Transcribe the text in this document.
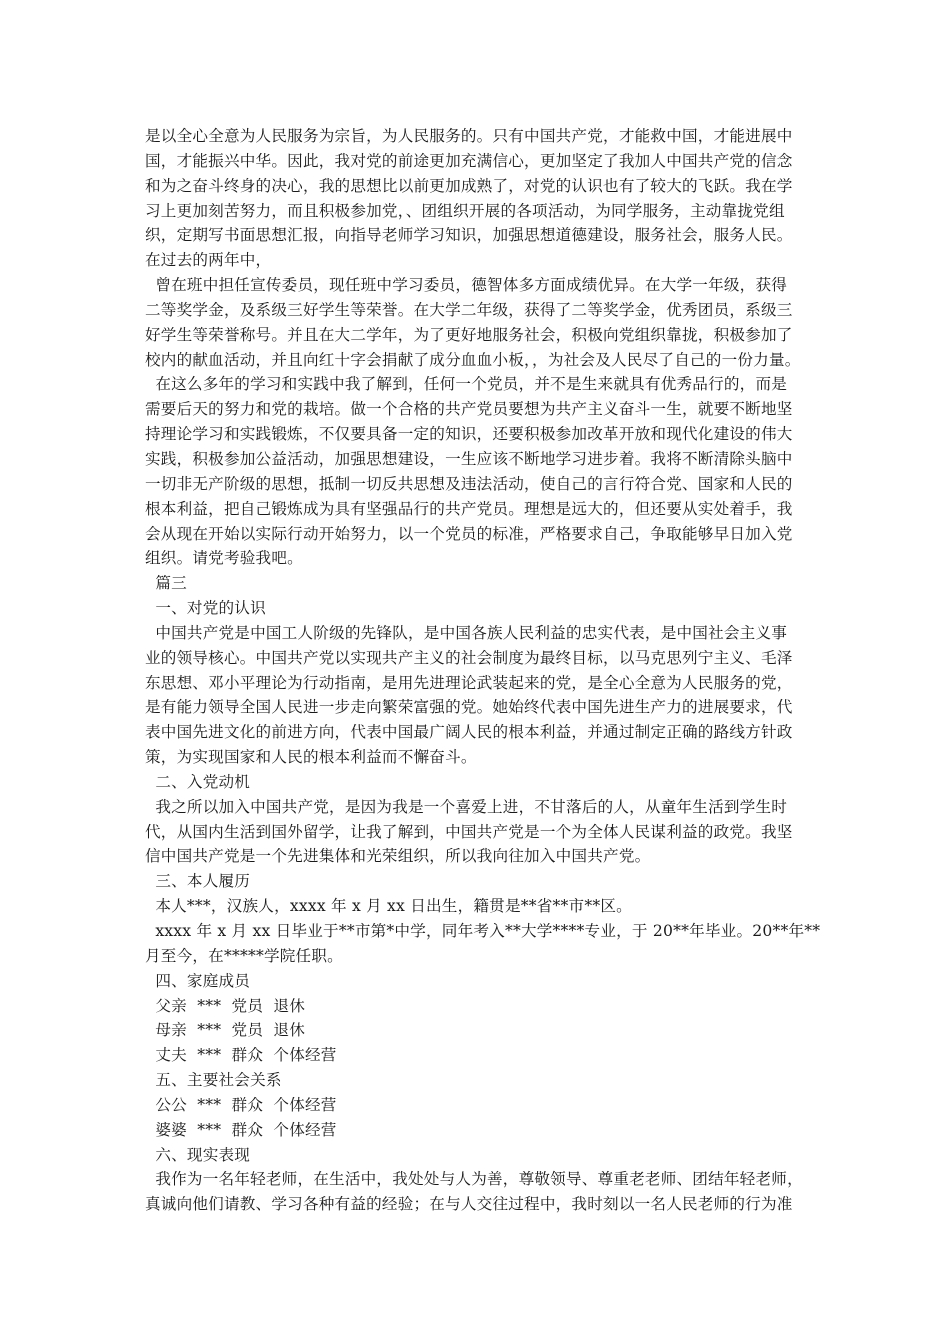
是以全心全意为人民服务为宗旨，为人民服务的。只有中国共产党，才能救中国，才能进展中
国，才能振兴中华。因此，我对党的前途更加充满信心，更加坚定了我加人中国共产党的信念
和为之奋斗终身的决心，我的思想比以前更加成熟了，对党的认识也有了较大的飞跃。我在学
习上更加刻苦努力，而且积极参加党，、团组织开展的各项活动，为同学服务，主动靠拢党组
织，定期写书面思想汇报，向指导老师学习知识，加强思想道德建设，服务社会，服务人民。
在过去的两年中，
曾在班中担任宣传委员，现任班中学习委员，德智体多方面成绩优异。在大学一年级，获得
二等奖学金，及系级三好学生等荣誉。在大学二年级，获得了二等奖学金，优秀团员，系级三
好学生等荣誉称号。并且在大二学年，为了更好地服务社会，积极向党组织靠拢，积极参加了
校内的献血活动，并且向红十字会捐献了成分血血小板，，为社会及人民尽了自己的一份力量。
在这么多年的学习和实践中我了解到，任何一个党员，并不是生来就具有优秀品行的，而是
需要后天的努力和党的栽培。做一个合格的共产党员要想为共产主义奋斗一生，就要不断地坚
持理论学习和实践锻炼，不仅要具备一定的知识，还要积极参加改革开放和现代化建设的伟大
实践，积极参加公益活动，加强思想建设，一生应该不断地学习进步着。我将不断清除头脑中
一切非无产阶级的思想，抵制一切反共思想及违法活动，使自己的言行符合党、国家和人民的
根本利益，把自己锻炼成为具有坚强品行的共产党员。理想是远大的，但还要从实处着手，我
会从现在开始以实际行动开始努力，以一个党员的标准，严格要求自己，争取能够早日加入党
组织。请党考验我吧。
篇三
一、对党的认识
中国共产党是中国工人阶级的先锋队，是中国各族人民利益的忠实代表，是中国社会主义事
业的领导核心。中国共产党以实现共产主义的社会制度为最终目标，以马克思列宁主义、毛泽
东思想、邓小平理论为行动指南，是用先进理论武装起来的党，是全心全意为人民服务的党，
是有能力领导全国人民进一步走向繁荣富强的党。她始终代表中国先进生产力的进展要求，代
表中国先进文化的前进方向，代表中国最广阔人民的根本利益，并通过制定正确的路线方针政
策，为实现国家和人民的根本利益而不懈奋斗。
二、入党动机
我之所以加入中国共产党，是因为我是一个喜爱上进，不甘落后的人，从童年生活到学生时
代，从国内生活到国外留学，让我了解到，中国共产党是一个为全体人民谋利益的政党。我坚
信中国共产党是一个先进集体和光荣组织，所以我向往加入中国共产党。
三、本人履历
本人***，汉族人，xxxx 年 x 月 xx 日出生，籍贯是**省**市**区。
xxxx 年 x 月 xx 日毕业于**市第*中学，同年考入**大学****专业，于 20**年毕业。20**年**
月至今，在*****学院任职。
四、家庭成员
父亲  ***  党员  退休
母亲  ***  党员  退休
丈夫  ***  群众  个体经营
五、主要社会关系
公公  ***  群众  个体经营
婆婆  ***  群众  个体经营
六、现实表现
我作为一名年轻老师，在生活中，我处处与人为善，尊敬领导、尊重老老师、团结年轻老师，
真诚向他们请教、学习各种有益的经验；在与人交往过程中，我时刻以一名人民老师的行为准
